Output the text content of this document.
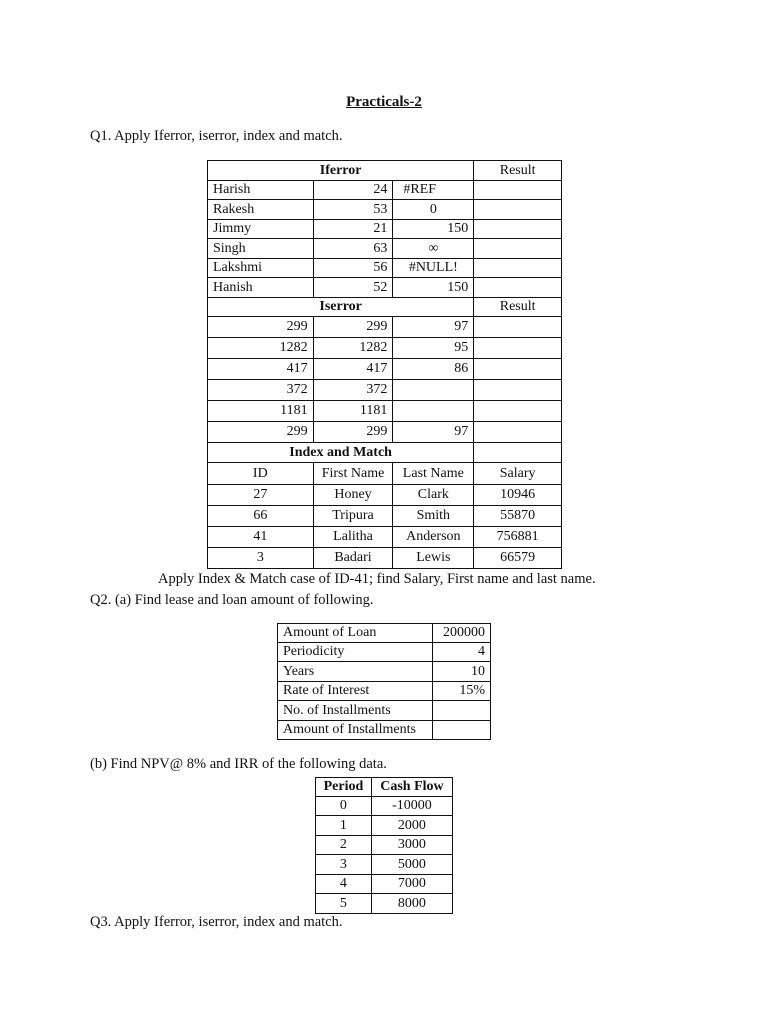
Practicals-2
Q1. Apply Iferror, iserror, index and match.
Iferror			Result
Harish	24	#REF	
Rakesh	53	0	
Jimmy	21	150	
Singh	63	∞	
Lakshmi	56	#NULL!	
Hanish	52	150	
Iserror			Result
299	299	97	
1282	1282	95	
417	417	86	
372	372		
1181	1181		
299	299	97	
Index and Match			
ID	First Name	Last Name	Salary
27	Honey	Clark	10946
66	Tripura	Smith	55870
41	Lalitha	Anderson	756881
3	Badari	Lewis	66579
Apply Index & Match case of ID-41; find Salary, First name and last name.
Q2. (a) Find lease and loan amount of following.
Amount of Loan	200000
Periodicity	4
Years	10
Rate of Interest	15%
No. of Installments	
Amount of Installments	
(b) Find NPV@ 8% and IRR of the following data.
Period	Cash Flow
0	-10000
1	2000
2	3000
3	5000
4	7000
5	8000
Q3. Apply Iferror, iserror, index and match.
